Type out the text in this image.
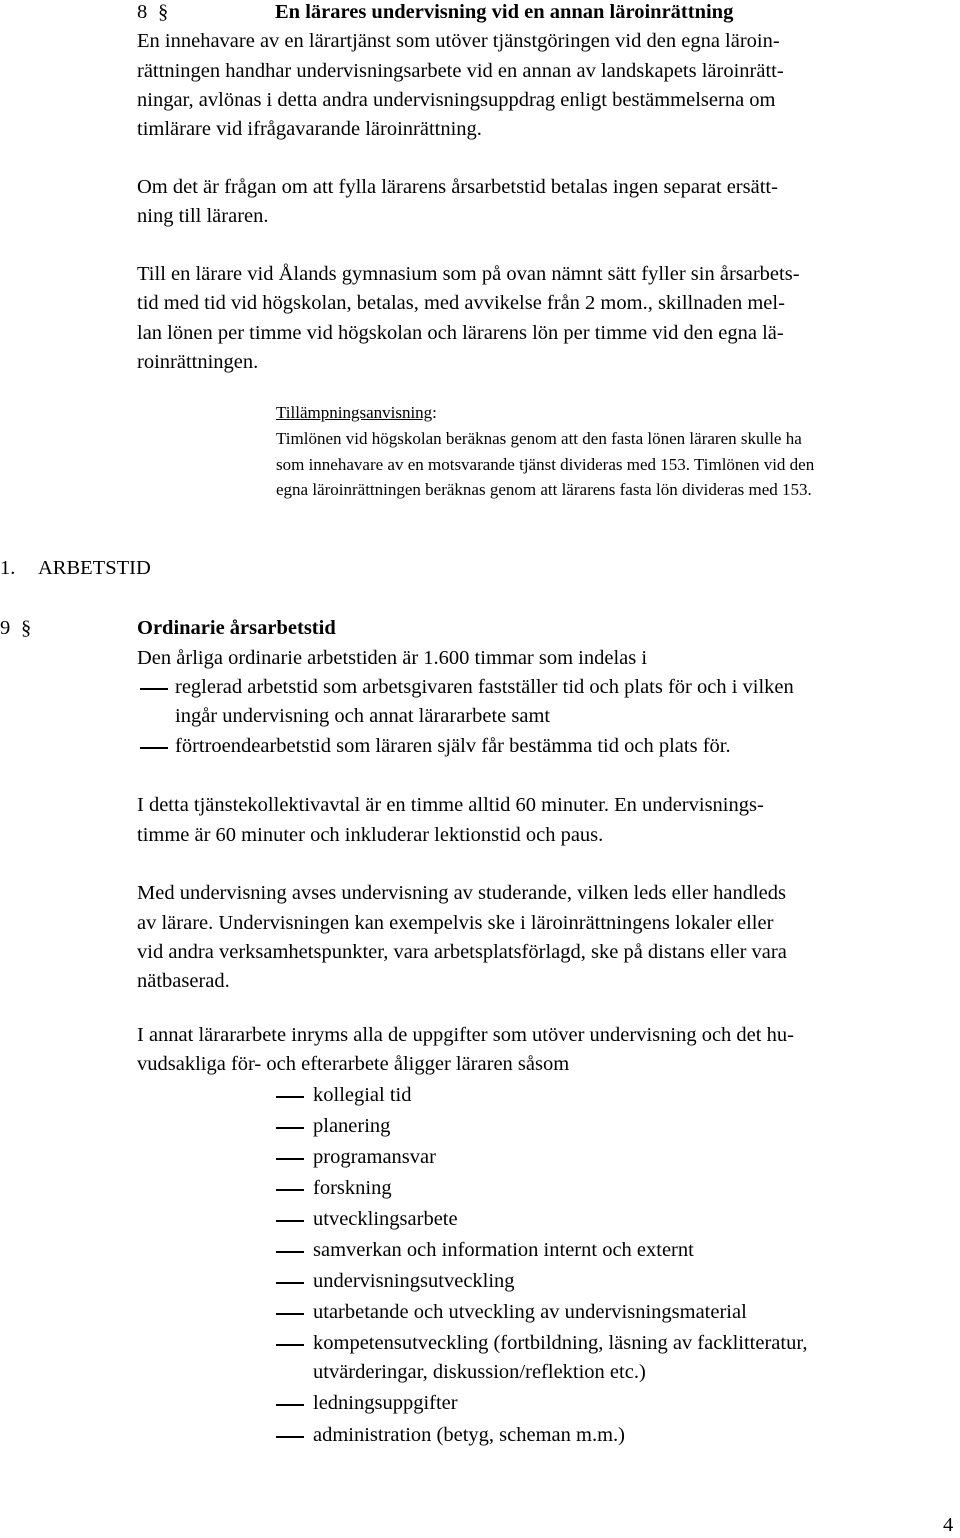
8 §	En lärares undervisning vid en annan läroinrättning
En innehavare av en lärartjänst som utöver tjänstgöringen vid den egna läroin-
rättningen handhar undervisningsarbete vid en annan av landskapets läroinrätt-
ningar, avlönas i detta andra undervisningsuppdrag enligt bestämmelserna om
timlärare vid ifrågavarande läroinrättning.
Om det är frågan om att fylla lärarens årsarbetstid betalas ingen separat ersätt-
ning till läraren.
Till en lärare vid Ålands gymnasium som på ovan nämnt sätt fyller sin årsarbets-
tid med tid vid högskolan, betalas, med avvikelse från 2 mom., skillnaden mel-
lan lönen per timme vid högskolan och lärarens lön per timme vid den egna lä-
roinrättningen.
Tillämpningsanvisning:
Timlönen vid högskolan beräknas genom att den fasta lönen läraren skulle ha
som innehavare av en motsvarande tjänst divideras med 153. Timlönen vid den
egna läroinrättningen beräknas genom att lärarens fasta lön divideras med 153.
1. ARBETSTID
9 §	Ordinarie årsarbetstid
Den årliga ordinarie arbetstiden är 1.600 timmar som indelas i
reglerad arbetstid som arbetsgivaren fastställer tid och plats för och i vilken
ingår undervisning och annat lärararbete samt
förtroendearbetstid som läraren själv får bestämma tid och plats för.
I detta tjänstekollektivavtal är en timme alltid 60 minuter. En undervisnings-
timme är 60 minuter och inkluderar lektionstid och paus.
Med undervisning avses undervisning av studerande, vilken leds eller handleds
av lärare. Undervisningen kan exempelvis ske i läroinrättningens lokaler eller
vid andra verksamhetspunkter, vara arbetsplatsförlagd, ske på distans eller vara
nätbaserad.
I annat lärararbete inryms alla de uppgifter som utöver undervisning och det hu-
vudsakliga för- och efterarbete åligger läraren såsom
kollegial tid
planering
programansvar
forskning
utvecklingsarbete
samverkan och information internt och externt
undervisningsutveckling
utarbetande och utveckling av undervisningsmaterial
kompetensutveckling (fortbildning, läsning av facklitteratur,
utvärderingar, diskussion/reflektion etc.)
ledningsuppgifter
administration (betyg, scheman m.m.)
4
